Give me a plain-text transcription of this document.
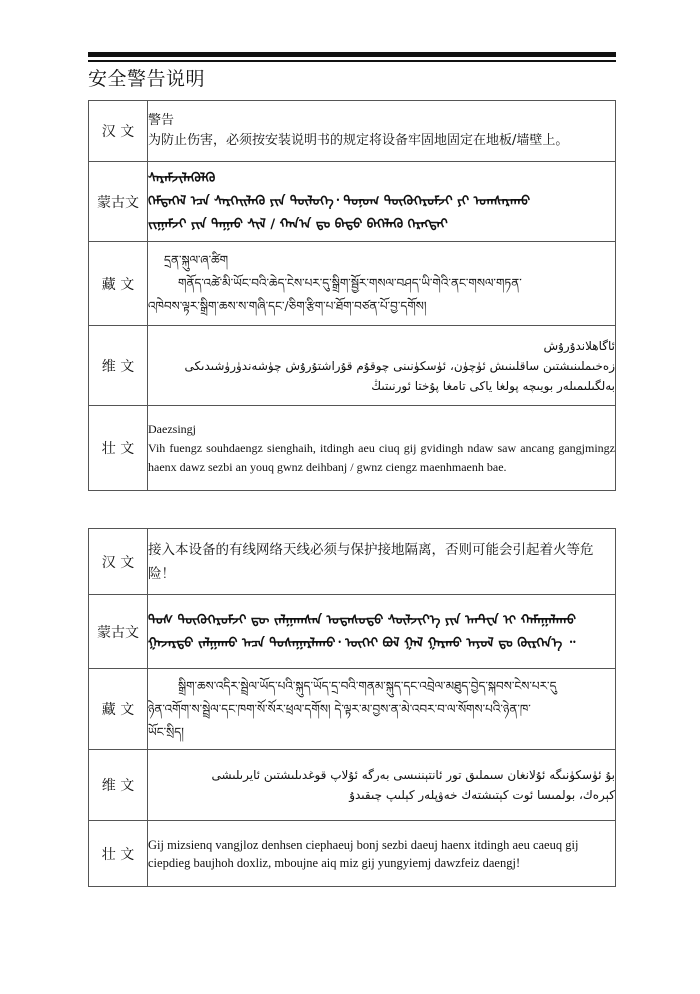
安全警告说明
汉 文	警告
为防止伤害，必须按安装说明书的规定将设备牢固地固定在地板/墙壁上。

蒙古文	ᠰᠡᠷᠡᠮᠵᠢᠯᠡᠭᠦᠯᠬᠦ
ᠭᠡᠮᠲᠡᠭᠡᠯ ᠡᠴᠡ ᠰᠡᠷᠭᠡᠢᠯᠡᠬᠦ ᠶᠢᠨ ᠲᠥᠯᠥᠭᠡ᠂ ᠲᠣᠨᠣᠭ ᠲᠥᠬᠥᠭᠡᠷᠦᠮᠵᠢ ᠶᠢ ᠤᠭᠰᠠᠷᠠᠬᠤ
ᠵᠢᠭᠠᠮᠵᠢ ᠶᠢᠨ ᠳᠠᠭᠠᠤ ᠰᠢᠯ / ᠬᠠᠨ᠎ᠠ ᠳᠤ ᠪᠠᠲᠤ ᠪᠡᠬᠡᠯᠡᠬᠦ ᠬᠡᠷᠡᠭᠲᠡᠢ

藏 文	དྲན་སྐུལ་ཞ་ཚིག
གནོད་འཚེ་མི་ཡོང་བའི་ཆེད་ངེས་པར་དུ་སྒྲིག་སྦྱོར་གསལ་བཤད་ཡི་གེའི་ནང་གསལ་གཏན་
འཁེབས་ལྟར་སྒྲིག་ཆས་ས་གཞི་དང་/ཅིག་རྩིག་པ་ཐོག་བཙན་པོ་བྱ་དགོས།

维 文	ئاگاھلاندۇرۇش
زەخىملىنىشتىن ساقلىنىش ئۈچۈن، ئۈسكۈنىنى چوقۇم قۇراشتۇرۇش چۈشەندۈرۈشىدىكى
بەلگىلىمىلەر بويىچە پولغا ياكى تامغا پۇختا ئورنىتىڭ

壮 文	Daezsingj
Vih fuengz souhdaengz sienghaih, itdingh aeu ciuq gij gvidingh ndaw saw ancang gangjmingz haenx dawz sezbi an youq gwnz deihbanj / gwnz ciengz maenhmaenh bae.
汉 文	接入本设备的有线网络天线必须与保护接地隔离，否则可能会引起着火等危险！

蒙古文	ᠲᠤᠰ ᠲᠥᠬᠥᠭᠡᠷᠦᠮᠵᠢ ᠳᠦ ᠵᠠᠯᠭᠠᠭᠰᠠᠨ ᠤᠲᠠᠰᠤᠲᠤ ᠰᠦᠯᠵᠢᠶ᠎ᠡ ᠶᠢᠨ ᠠᠨᠲ᠋ᠸᠨ ᠢ ᠬᠠᠮᠠᠭᠠᠯᠠᠬᠤ
ᠭᠠᠵᠠᠷᠳᠤ ᠵᠠᠯᠭᠠᠬᠤ ᠠᠴᠠ ᠲᠤᠰᠠᠭᠠᠷᠯᠠᠬᠤ᠂ ᠦᠭᠡᠢ ᠪᠣᠯ ᠭᠠᠯ ᠭᠠᠷᠬᠤ ᠠᠶᠤᠯ ᠳᠤ ᠬᠦᠷᠭᠡᠨ᠎ᠡ ᠃

藏 文	སྒྲིག་ཆས་འདིར་སྦྲེལ་ཡོད་པའི་སྐུད་ཡོད་དྲ་བའི་གནམ་སྐུད་དང་འབྲེལ་མཐུད་བྱེད་སྐབས་ངེས་པར་དུ
ཉེན་འགོག་ས་སྦྲེལ་དང་ཁག་སོ་སོར་ཕྲལ་དགོས། དེ་ལྟར་མ་བྱས་ན་མེ་འབར་བ་ལ་སོགས་པའི་ཉེན་ཁ་
ཡོང་སྲིད།

维 文	بۇ ئۈسكۈنىگە ئۇلانغان سىملىق تور ئانتېننىسى بەرگە ئۇلاپ قوغدىلىشتىن ئايرىلىشى
كېرەك، بولمىسا ئوت كېتىشتەك خەۋپلەر كېلىپ چىقىدۇ

壮 文	Gij mizsienq vangjloz denhsen ciephaeuj bonj sezbi daeuj haenx itdingh aeu caeuq gij ciepdieg baujhoh doxliz, mboujne aiq miz gij yungyiemj dawzfeiz daengj!
